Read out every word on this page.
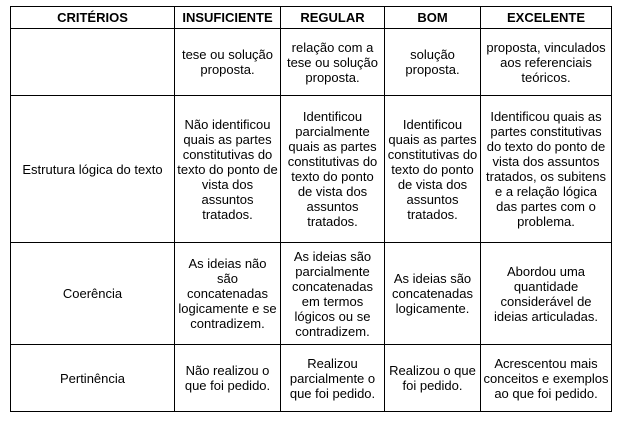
CRITÉRIOS	INSUFICIENTE	REGULAR	BOM	EXCELENTE
	tese ou solução proposta.	relação com a tese ou solução proposta.	solução proposta.	proposta, vinculados aos referenciais teóricos.
Estrutura lógica do texto	Não identificou quais as partes constitutivas do texto do ponto de vista dos assuntos tratados.	Identificou parcialmente quais as partes constitutivas do texto do ponto de vista dos assuntos tratados.	Identificou quais as partes constitutivas do texto do ponto de vista dos assuntos tratados.	Identificou quais as partes constitutivas do texto do ponto de vista dos assuntos tratados, os subitens e a relação lógica das partes com o problema.
Coerência	As ideias não são concatenadas logicamente e se contradizem.	As ideias são parcialmente concatenadas em termos lógicos ou se contradizem.	As ideias são concatenadas logicamente.	Abordou uma quantidade considerável de ideias articuladas.
Pertinência	Não realizou o que foi pedido.	Realizou parcialmente o que foi pedido.	Realizou o que foi pedido.	Acrescentou mais conceitos e exemplos ao que foi pedido.
